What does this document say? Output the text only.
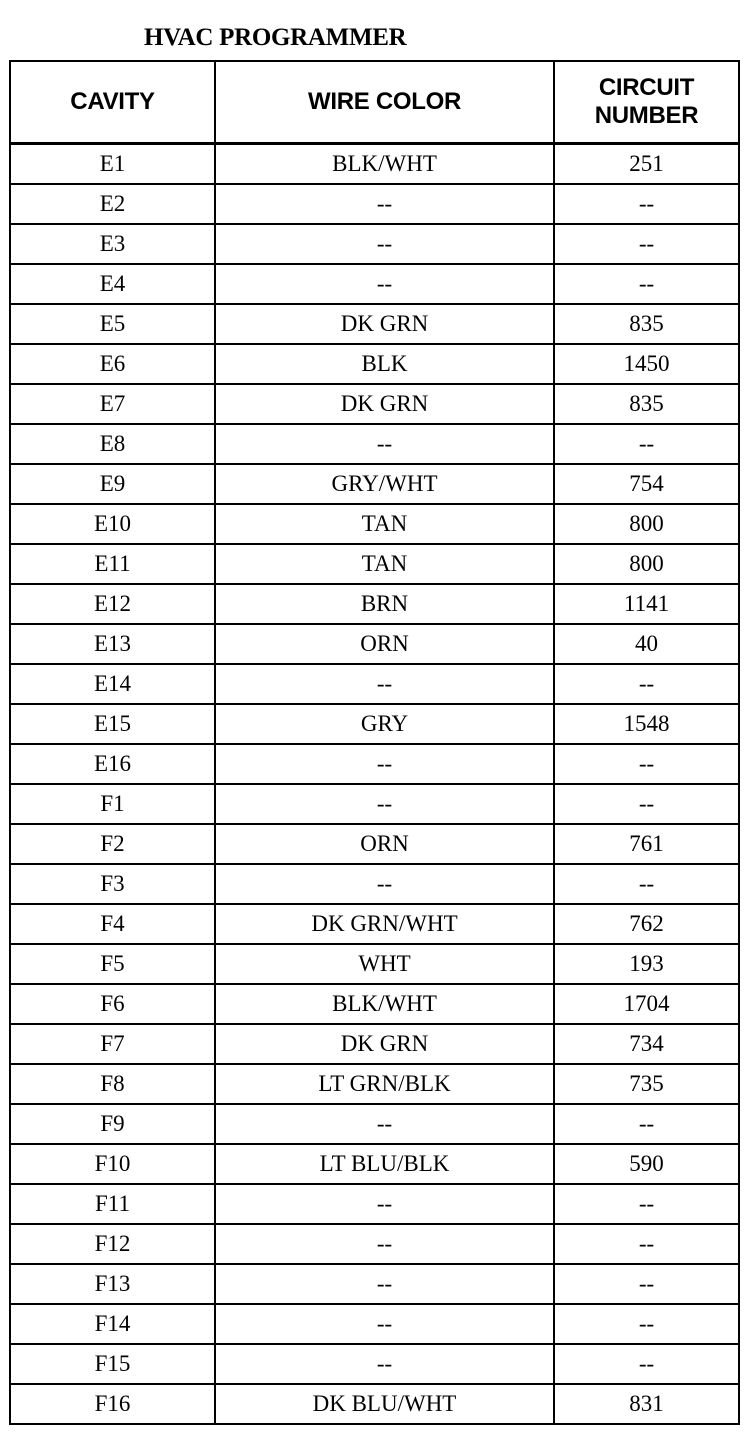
HVAC PROGRAMMER
CAVITY	WIRE COLOR	CIRCUIT
NUMBER

E1	BLK/WHT	251
E2	--	--
E3	--	--
E4	--	--
E5	DK GRN	835
E6	BLK	1450
E7	DK GRN	835
E8	--	--
E9	GRY/WHT	754
E10	TAN	800
E11	TAN	800
E12	BRN	1141
E13	ORN	40
E14	--	--
E15	GRY	1548
E16	--	--
F1	--	--
F2	ORN	761
F3	--	--
F4	DK GRN/WHT	762
F5	WHT	193
F6	BLK/WHT	1704
F7	DK GRN	734
F8	LT GRN/BLK	735
F9	--	--
F10	LT BLU/BLK	590
F11	--	--
F12	--	--
F13	--	--
F14	--	--
F15	--	--
F16	DK BLU/WHT	831
